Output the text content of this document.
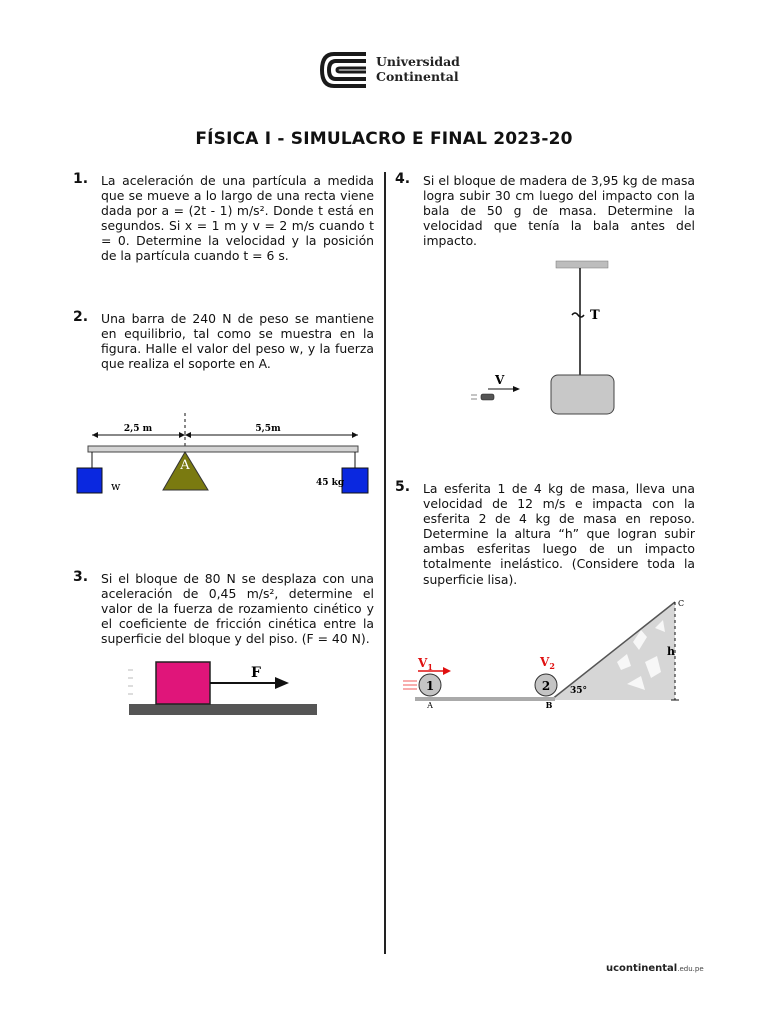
Universidad
Continental
FÍSICA I - SIMULACRO E FINAL 2023-20
1. La aceleración de una partícula a medida que se mueve a lo largo de una recta viene dada por a = (2t - 1) m/s². Donde t está en segundos. Si x = 1 m y v = 2 m/s cuando t = 0. Determine la velocidad y la posición de la partícula cuando t = 6 s.
2. Una barra de 240 N de peso se mantiene en equilibrio, tal como se muestra en la figura. Halle el valor del peso w, y la fuerza que realiza el soporte en A.
2,5 m	5,5m
A
w	45 kg
3. Si el bloque de 80 N se desplaza con una aceleración de 0,45 m/s², determine el valor de la fuerza de rozamiento cinético y el coeficiente de fricción cinética entre la superficie del bloque y del piso. (F = 40 N).
F
4. Si el bloque de madera de 3,95 kg de masa logra subir 30 cm luego del impacto con la bala de 50 g de masa. Determine la velocidad que tenía la bala antes del impacto.
T
V
5. La esferita 1 de 4 kg de masa, lleva una velocidad de 12 m/s e impacta con la esferita 2 de 4 kg de masa en reposo. Determine la altura “h” que logran subir ambas esferitas luego de un impacto totalmente inelástico. (Considere toda la superficie lisa).
C
h
1	2
$V_1$	$V_2$
35°
A	B
ucontinental.edu.pe
